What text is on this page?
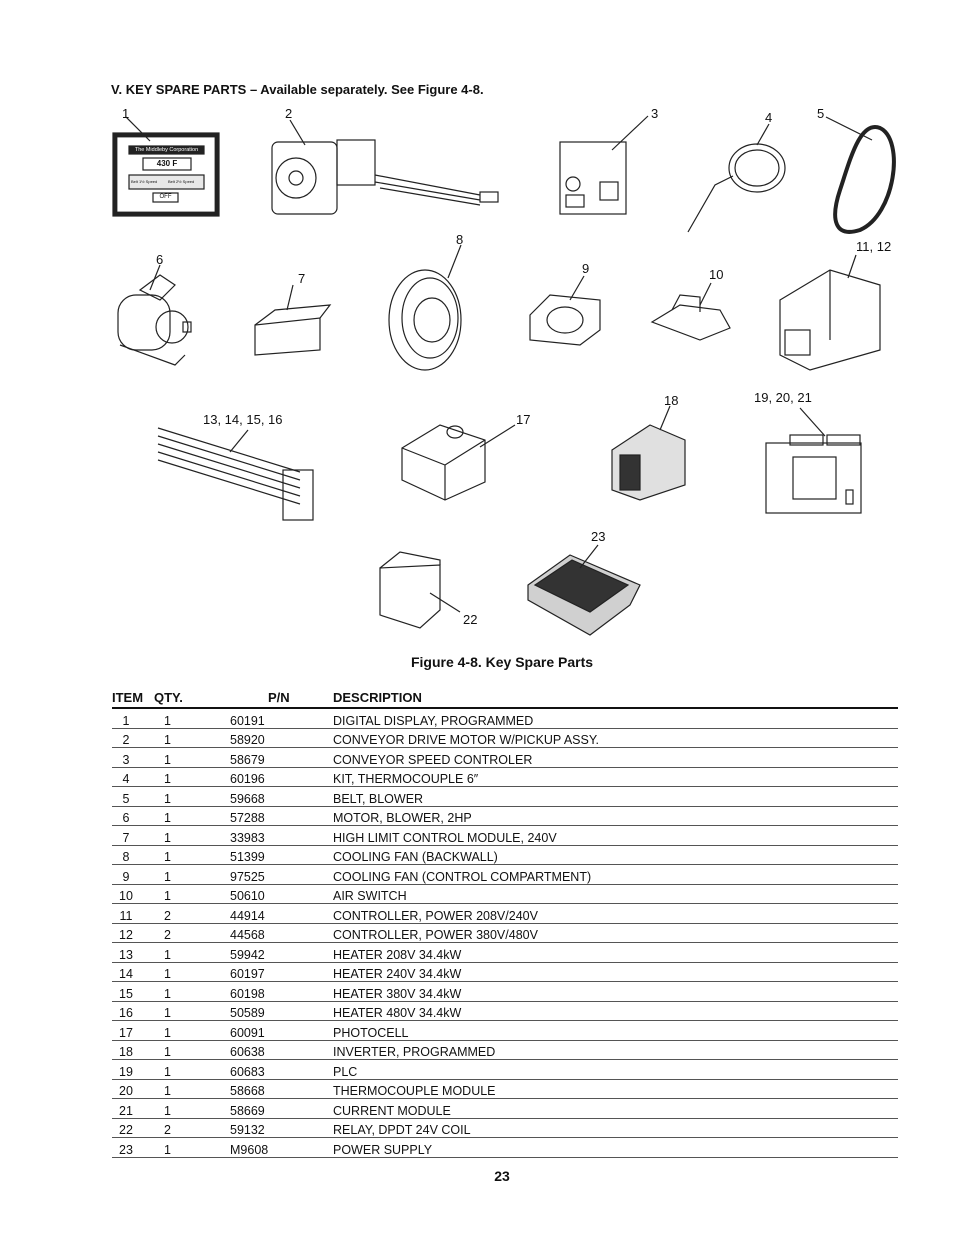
V. KEY SPARE PARTS – Available separately. See Figure 4-8.
1	2	3	4	5
6
7
8
9	10
11, 12
13, 14, 15, 16	17
18	19, 20, 21
22
23
The Middleby Corporation
430 F
Belt 1½ Speed	Belt 2½ Speed
OFF
Figure 4-8. Key Spare Parts
ITEM QTY.	P/N	DESCRIPTION
1	1	60191	DIGITAL DISPLAY, PROGRAMMED
2	1	58920	CONVEYOR DRIVE MOTOR W/PICKUP ASSY.
3	1	58679	CONVEYOR SPEED CONTROLER
4	1	60196	KIT, THERMOCOUPLE 6″
5	1	59668	BELT, BLOWER
6	1	57288	MOTOR, BLOWER, 2HP
7	1	33983	HIGH LIMIT CONTROL MODULE, 240V
8	1	51399	COOLING FAN (BACKWALL)
9	1	97525	COOLING FAN (CONTROL COMPARTMENT)
10	1	50610	AIR SWITCH
11	2	44914	CONTROLLER, POWER 208V/240V
12	2	44568	CONTROLLER, POWER 380V/480V
13	1	59942	HEATER 208V 34.4kW
14	1	60197	HEATER 240V 34.4kW
15	1	60198	HEATER 380V 34.4kW
16	1	50589	HEATER 480V 34.4kW
17	1	60091	PHOTOCELL
18	1	60638	INVERTER, PROGRAMMED
19	1	60683	PLC
20	1	58668	THERMOCOUPLE MODULE
21	1	58669	CURRENT MODULE
22	2	59132	RELAY, DPDT 24V COIL
23	1	M9608	POWER SUPPLY
23
